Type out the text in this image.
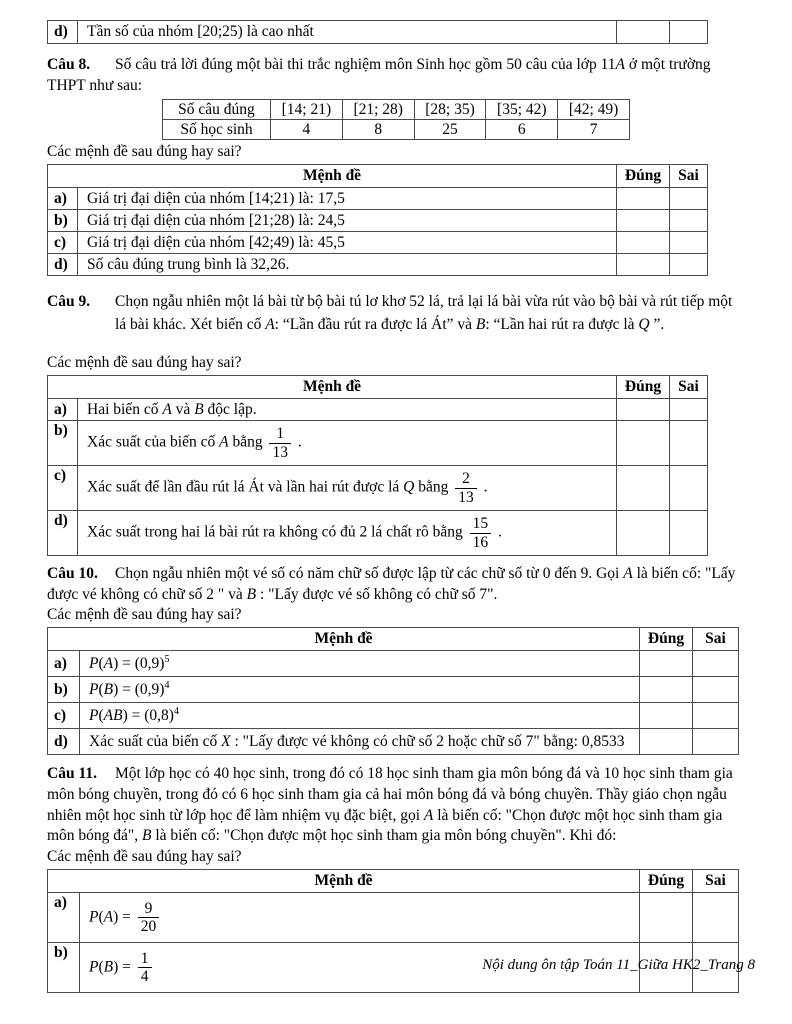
d)	Tần số của nhóm [20;25) là cao nhất		

Câu 8. Số câu trả lời đúng một bài thi trắc nghiệm môn Sinh học gồm 50 câu của lớp 11A ở một trường THPT như sau:

Số câu đúng	[14; 21)	[21; 28)	[28; 35)	[35; 42)	[42; 49)
Số học sinh	4	8	25	6	7

Các mệnh đề sau đúng hay sai?

Mệnh đề		Đúng	Sai
a)	Giá trị đại diện của nhóm [14;21) là: 17,5		
b)	Giá trị đại diện của nhóm [21;28) là: 24,5		
c)	Giá trị đại diện của nhóm [42;49) là: 45,5		
d)	Số câu đúng trung bình là 32,26.		

Câu 9. Chọn ngẫu nhiên một lá bài từ bộ bài tú lơ khơ 52 lá, trả lại lá bài vừa rút vào bộ bài và rút tiếp một lá bài khác. Xét biến cố A: “Lần đầu rút ra được lá Át” và B: “Lần hai rút ra được là Q ”.

Các mệnh đề sau đúng hay sai?

Mệnh đề		Đúng	Sai
a)	Hai biến cố A và B độc lập.		
b)	Xác suất của biến cố A bằng $\frac{1}{13}$ .		
c)	Xác suất để lần đầu rút lá Át và lần hai rút được lá Q bằng $\frac{2}{13}$ .		
d)	Xác suất trong hai lá bài rút ra không có đủ 2 lá chất rô bằng $\frac{15}{16}$ .		

Câu 10. Chọn ngẫu nhiên một vé số có năm chữ số được lập từ các chữ số từ 0 đến 9. Gọi A là biến cố: "Lấy được vé không có chữ số 2 " và B : "Lấy được vé số không có chữ số 7".

Các mệnh đề sau đúng hay sai?

Mệnh đề		Đúng	Sai
a)	$P(A) = (0,9)^5$		
b)	$P(B) = (0,9)^4$		
c)	$P(AB) = (0,8)^4$		
d)	Xác suất của biến cố X : "Lấy được vé không có chữ số 2 hoặc chữ số 7" bằng: 0,8533		

Câu 11. Một lớp học có 40 học sinh, trong đó có 18 học sinh tham gia môn bóng đá và 10 học sinh tham gia môn bóng chuyền, trong đó có 6 học sinh tham gia cả hai môn bóng đá và bóng chuyền. Thầy giáo chọn ngẫu nhiên một học sinh từ lớp học để làm nhiệm vụ đặc biệt, gọi A là biến cố: "Chọn được một học sinh tham gia môn bóng đá", B là biến cố: "Chọn được một học sinh tham gia môn bóng chuyền". Khi đó:

Các mệnh đề sau đúng hay sai?

Mệnh đề		Đúng	Sai
a)	$P(A) = \frac{9}{20}$

b)	$P(B) = \frac{1}{4}$
			Nội dung ôn tập Toán 11_Giữa HK2_Trang 8
